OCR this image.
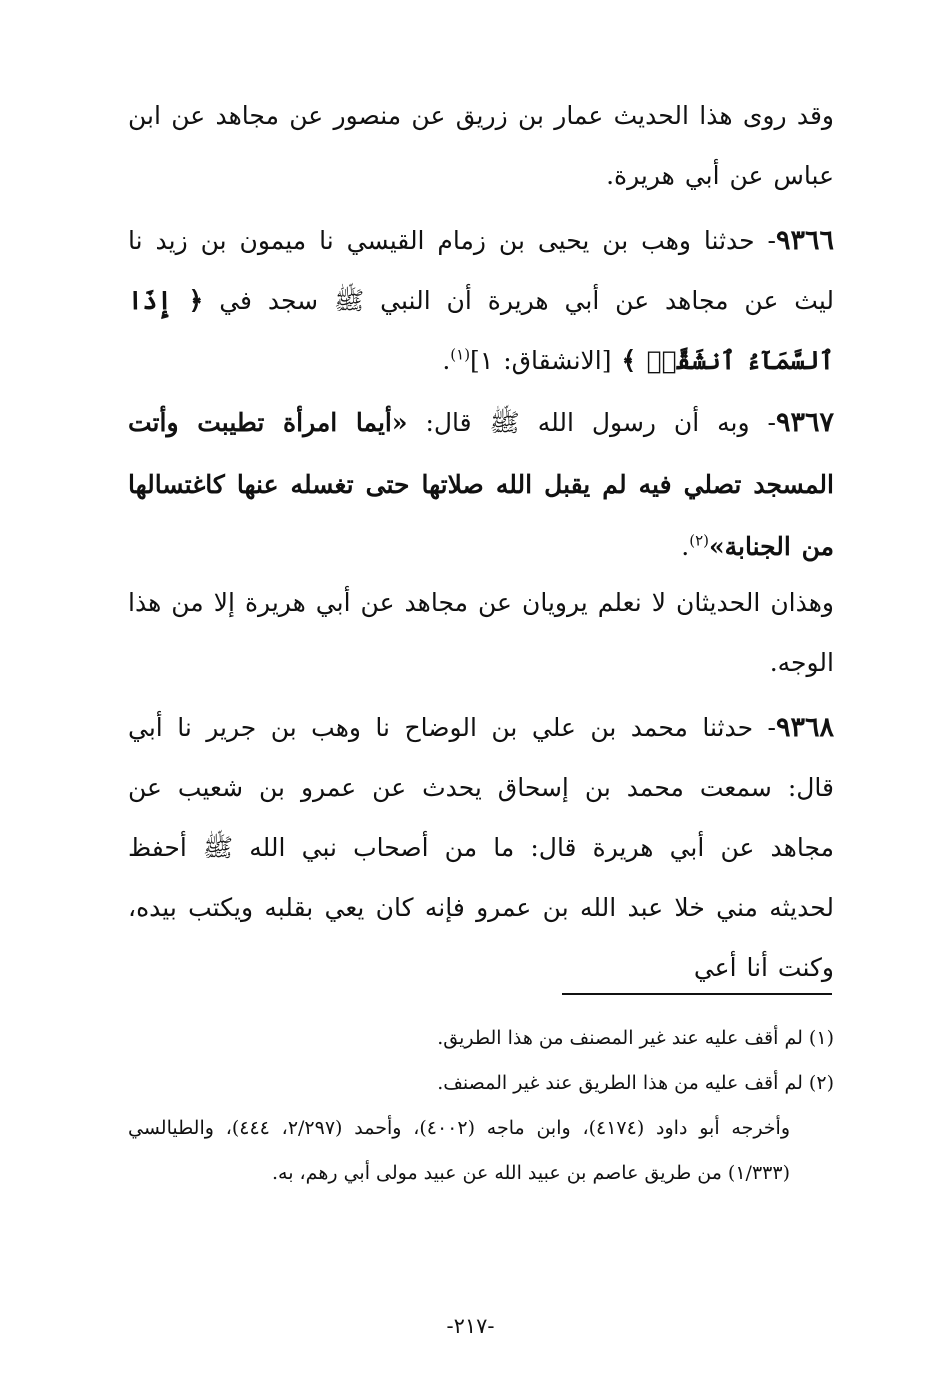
وقد روى هذا الحديث عمار بن زريق عن منصور عن مجاهد عن ابن عباس عن أبي هريرة.
٩٣٦٦- حدثنا وهب بن يحيى بن زمام القيسي نا ميمون بن زيد نا ليث عن مجاهد عن أبي هريرة أن النبي ﷺ سجد في ﴿ إِذَا ٱلسَّمَآءُ ٱنشَقَّتۡ ﴾ [الانشقاق: ١]$^{(١)}$.
٩٣٦٧- وبه أن رسول الله ﷺ قال: «أيما امرأة تطيبت وأتت المسجد تصلي فيه لم يقبل الله صلاتها حتى تغسله عنها كاغتسالها من الجنابة»$^{(٢)}$.
وهذان الحديثان لا نعلم يرويان عن مجاهد عن أبي هريرة إلا من هذا الوجه.
٩٣٦٨- حدثنا محمد بن علي بن الوضاح نا وهب بن جرير نا أبي قال: سمعت محمد بن إسحاق يحدث عن عمرو بن شعيب عن مجاهد عن أبي هريرة قال: ما من أصحاب نبي الله ﷺ أحفظ لحديثه مني خلا عبد الله بن عمرو فإنه كان يعي بقلبه ويكتب بيده، وكنت أنا أعي
(١) لم أقف عليه عند غير المصنف من هذا الطريق.
(٢) لم أقف عليه من هذا الطريق عند غير المصنف.
وأخرجه أبو داود (٤١٧٤)، وابن ماجه (٤٠٠٢)، وأحمد (٢/٢٩٧، ٤٤٤)، والطيالسي (١/٣٣٣) من طريق عاصم بن عبيد الله عن عبيد مولى أبي رهم، به.
-٢١٧-
